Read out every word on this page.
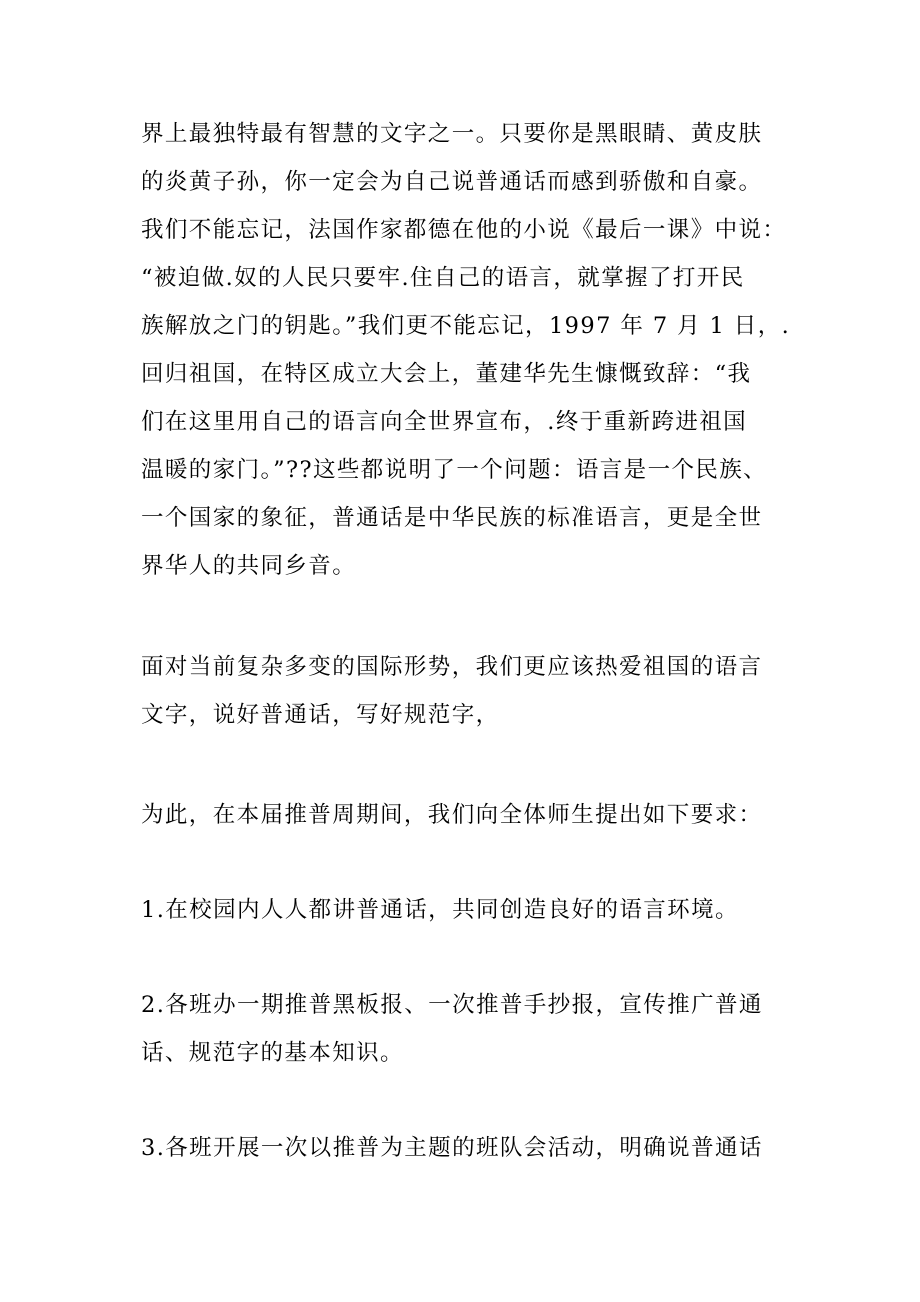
界上最独特最有智慧的文字之一。只要你是黑眼睛、黄皮肤
的炎黄子孙，你一定会为自己说普通话而感到骄傲和自豪。
我们不能忘记，法国作家都德在他的小说《最后一课》中说：
“被迫做.奴的人民只要牢.住自己的语言，就掌握了打开民
族解放之门的钥匙。”我们更不能忘记，1997 年 7 月 1 日，.
回归祖国，在特区成立大会上，董建华先生慷慨致辞：“我
们在这里用自己的语言向全世界宣布，.终于重新跨进祖国
温暖的家门。”??这些都说明了一个问题：语言是一个民族、
一个国家的象征，普通话是中华民族的标准语言，更是全世
界华人的共同乡音。

面对当前复杂多变的国际形势，我们更应该热爱祖国的语言
文字，说好普通话，写好规范字，

为此，在本届推普周期间，我们向全体师生提出如下要求：

1.在校园内人人都讲普通话，共同创造良好的语言环境。

2.各班办一期推普黑板报、一次推普手抄报，宣传推广普通
话、规范字的基本知识。

3.各班开展一次以推普为主题的班队会活动，明确说普通话
